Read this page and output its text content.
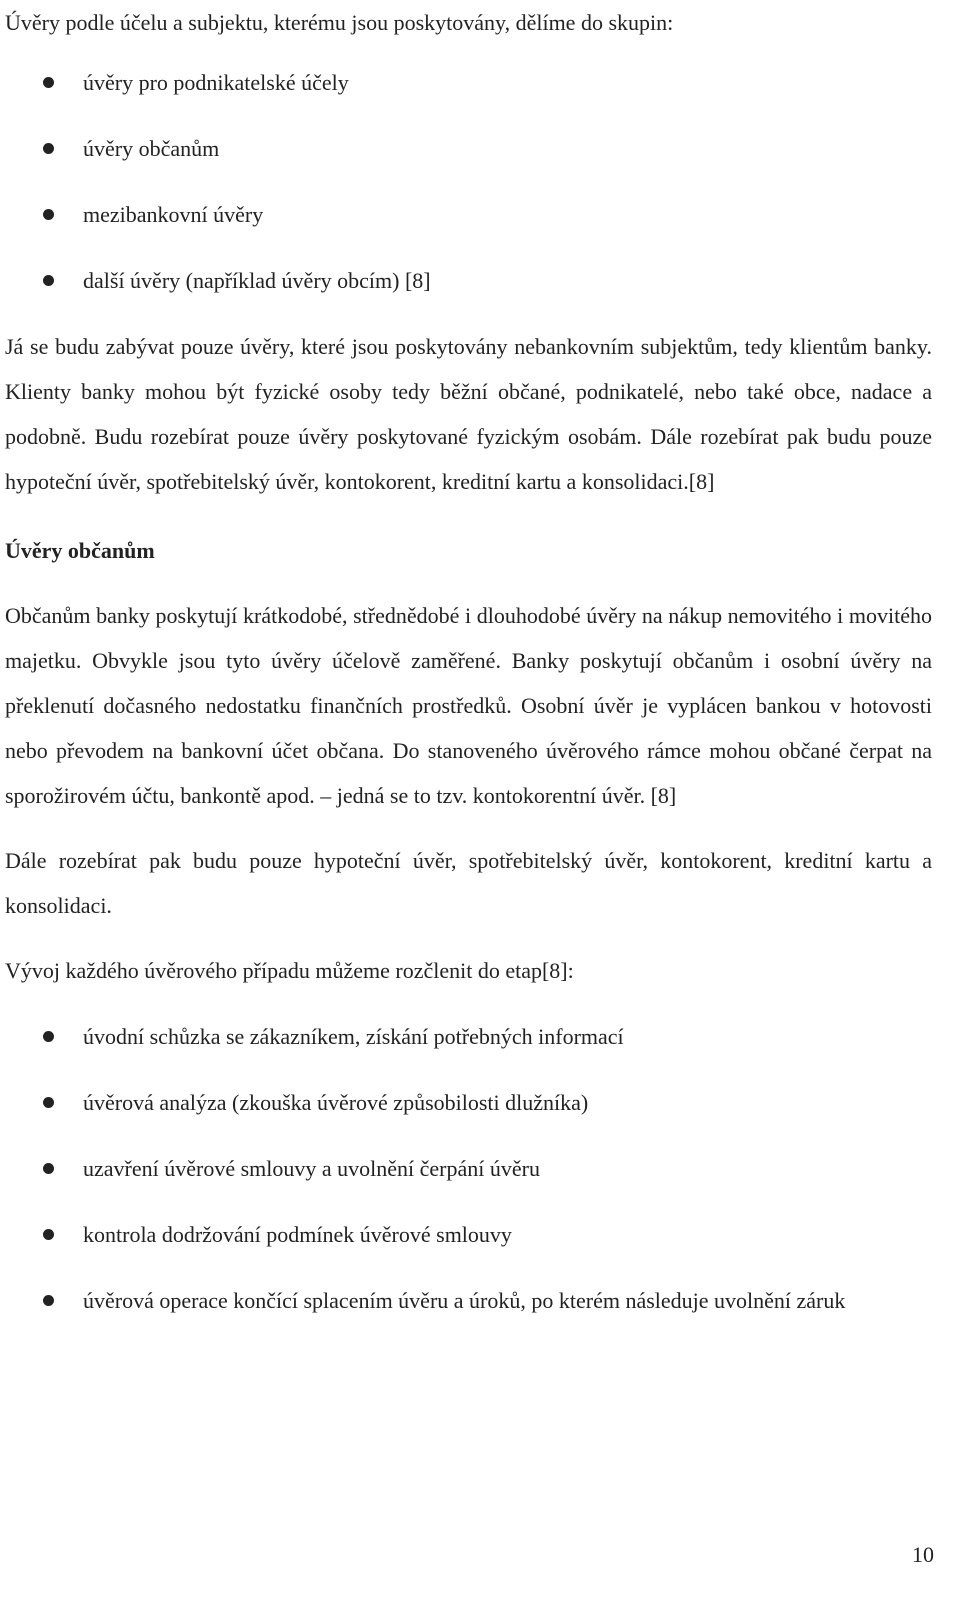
Úvěry podle účelu a subjektu, kterému jsou poskytovány, dělíme do skupin:

úvěry pro podnikatelské účely
úvěry občanům
mezibankovní úvěry
další úvěry (například úvěry obcím) [8]

Já se budu zabývat pouze úvěry, které jsou poskytovány nebankovním subjektům, tedy klientům banky. Klienty banky mohou být fyzické osoby tedy běžní občané, podnikatelé, nebo také obce, nadace a podobně. Budu rozebírat pouze úvěry poskytované fyzickým osobám. Dále rozebírat pak budu pouze hypoteční úvěr, spotřebitelský úvěr, kontokorent, kreditní kartu a konsolidaci.[8]

Úvěry občanům

Občanům banky poskytují krátkodobé, střednědobé i dlouhodobé úvěry na nákup nemovitého i movitého majetku. Obvykle jsou tyto úvěry účelově zaměřené. Banky poskytují občanům i osobní úvěry na překlenutí dočasného nedostatku finančních prostředků. Osobní úvěr je vyplácen bankou v hotovosti nebo převodem na bankovní účet občana. Do stanoveného úvěrového rámce mohou občané čerpat na sporožirovém účtu, bankontě apod. – jedná se to tzv. kontokorentní úvěr. [8]

Dále rozebírat pak budu pouze hypoteční úvěr, spotřebitelský úvěr, kontokorent, kreditní kartu a konsolidaci.

Vývoj každého úvěrového případu můžeme rozčlenit do etap[8]:

úvodní schůzka se zákazníkem, získání potřebných informací
úvěrová analýza (zkouška úvěrové způsobilosti dlužníka)
uzavření úvěrové smlouvy a uvolnění čerpání úvěru
kontrola dodržování podmínek úvěrové smlouvy
úvěrová operace končící splacením úvěru a úroků, po kterém následuje uvolnění záruk
10
